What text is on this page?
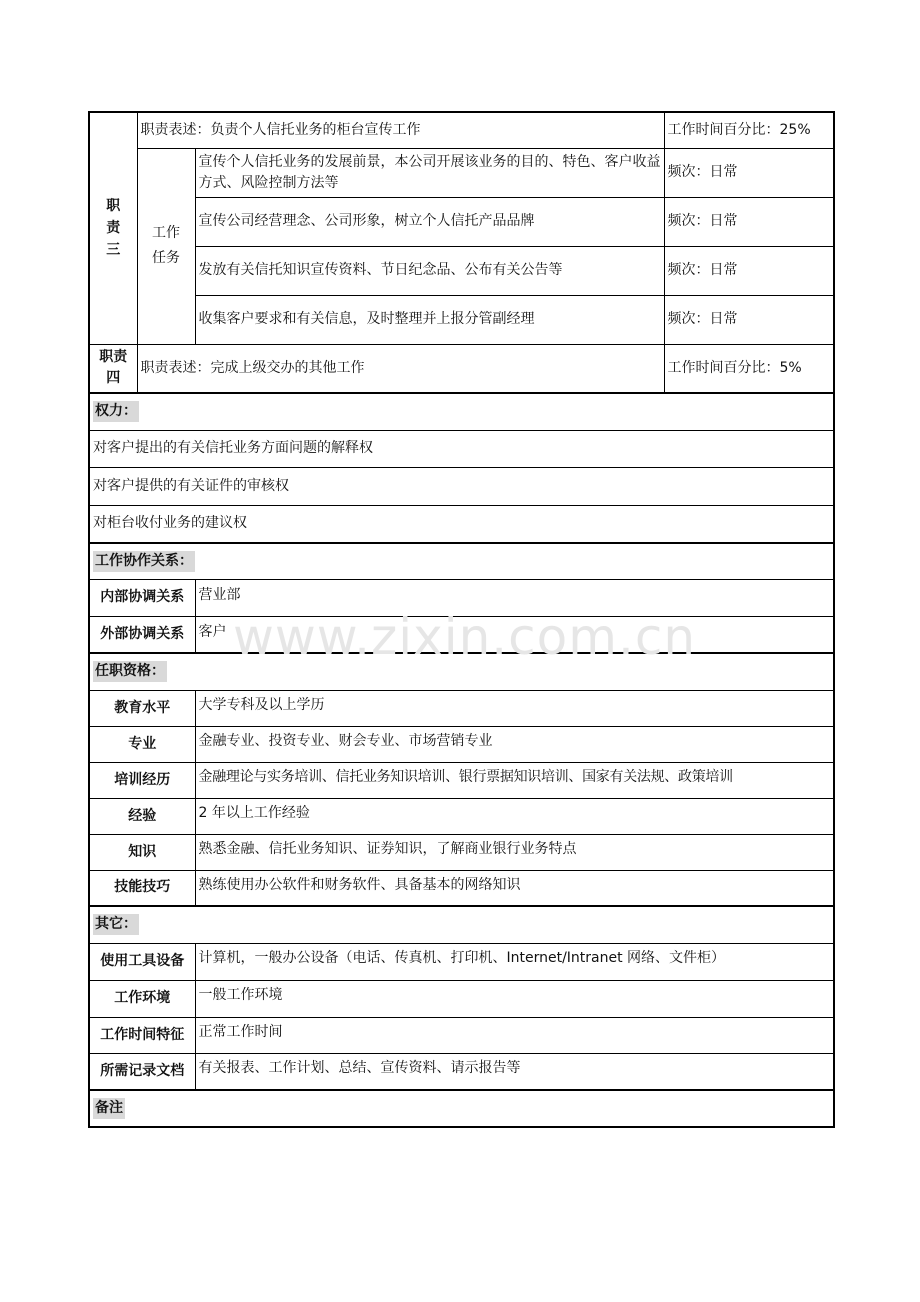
职
责
三	职责表述：负责个人信托业务的柜台宣传工作		工作时间百分比：25%
	工作
任务	宣传个人信托业务的发展前景，本公司开展该业务的目的、特色、客户收益方式、风险控制方法等	频次：日常
		宣传公司经营理念、公司形象，树立个人信托产品品牌	频次：日常
		发放有关信托知识宣传资料、节日纪念品、公布有关公告等	频次：日常
		收集客户要求和有关信息，及时整理并上报分管副经理	频次：日常
职责
四	职责表述：完成上级交办的其他工作		工作时间百分比：5%
权力：			
对客户提出的有关信托业务方面问题的解释权			
对客户提供的有关证件的审核权			
对柜台收付业务的建议权			
工作协作关系：			
内部协调关系		营业部	
外部协调关系		客户	
任职资格：			
教育水平		大学专科及以上学历	
专业		金融专业、投资专业、财会专业、市场营销专业	
培训经历		金融理论与实务培训、信托业务知识培训、银行票据知识培训、国家有关法规、政策培训	
经验		2 年以上工作经验	
知识		熟悉金融、信托业务知识、证券知识，了解商业银行业务特点	
技能技巧		熟练使用办公软件和财务软件、具备基本的网络知识	
其它：			
使用工具设备		计算机，一般办公设备（电话、传真机、打印机、Internet/Intranet 网络、文件柜）	
工作环境		一般工作环境	
工作时间特征		正常工作时间	
所需记录文档		有关报表、工作计划、总结、宣传资料、请示报告等	
备注			
www.zixin.com.cn
